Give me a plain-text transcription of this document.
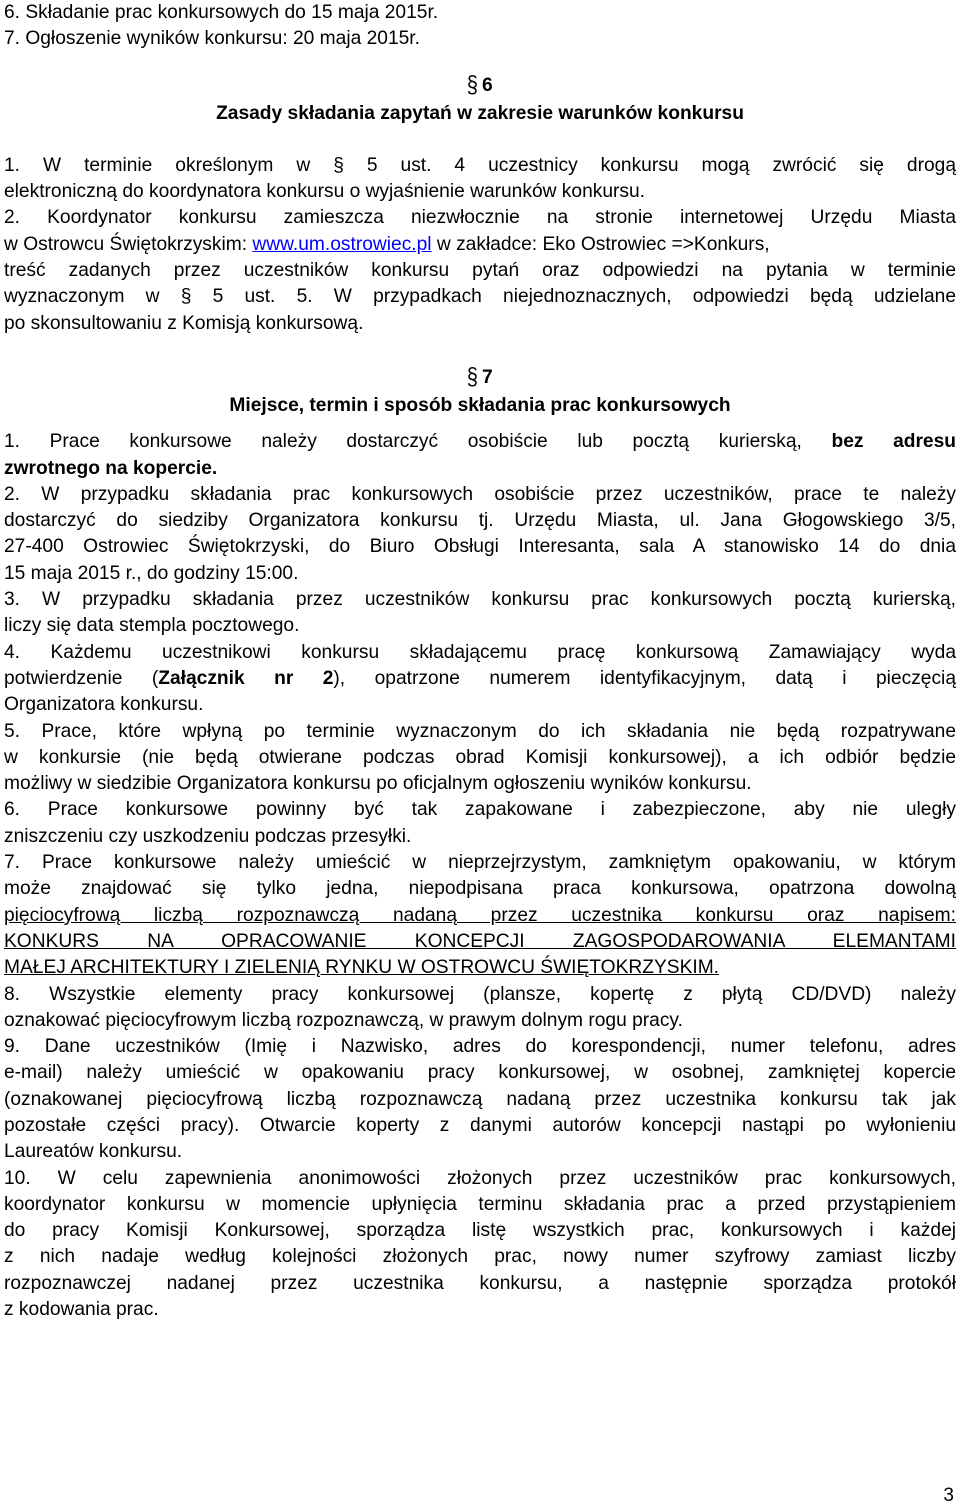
6. Składanie prac konkursowych do 15 maja 2015r.
7. Ogłoszenie wyników konkursu: 20 maja 2015r.
§ 6
Zasady składania zapytań w zakresie warunków konkursu
1. W terminie określonym w § 5 ust. 4 uczestnicy konkursu mogą zwrócić się drogą
elektroniczną do koordynatora konkursu o wyjaśnienie warunków konkursu.
2. Koordynator konkursu zamieszcza niezwłocznie na stronie internetowej Urzędu Miasta
w Ostrowcu Świętokrzyskim: www.um.ostrowiec.pl w zakładce: Eko Ostrowiec =>Konkurs,
treść zadanych przez uczestników konkursu pytań oraz odpowiedzi na pytania w terminie
wyznaczonym w § 5 ust. 5. W przypadkach niejednoznacznych, odpowiedzi będą udzielane
po skonsultowaniu z Komisją konkursową.
§ 7
Miejsce, termin i sposób składania prac konkursowych
1. Prace konkursowe należy dostarczyć osobiście lub pocztą kurierską, bez adresu
zwrotnego na kopercie.
2. W przypadku składania prac konkursowych osobiście przez uczestników, prace te należy
dostarczyć do siedziby Organizatora konkursu tj. Urzędu Miasta, ul. Jana Głogowskiego 3/5,
27-400 Ostrowiec Świętokrzyski, do Biuro Obsługi Interesanta, sala A stanowisko 14 do dnia
15 maja 2015 r., do godziny 15:00.
3. W przypadku składania przez uczestników konkursu prac konkursowych pocztą kurierską,
liczy się data stempla pocztowego.
4. Każdemu uczestnikowi konkursu składającemu pracę konkursową Zamawiający wyda
potwierdzenie (Załącznik nr 2), opatrzone numerem identyfikacyjnym, datą i pieczęcią
Organizatora konkursu.
5. Prace, które wpłyną po terminie wyznaczonym do ich składania nie będą rozpatrywane
w konkursie (nie będą otwierane podczas obrad Komisji konkursowej), a ich odbiór będzie
możliwy w siedzibie Organizatora konkursu po oficjalnym ogłoszeniu wyników konkursu.
6. Prace konkursowe powinny być tak zapakowane i zabezpieczone, aby nie uległy
zniszczeniu czy uszkodzeniu podczas przesyłki.
7. Prace konkursowe należy umieścić w nieprzejrzystym, zamkniętym opakowaniu, w którym
może znajdować się tylko jedna, niepodpisana praca konkursowa, opatrzona dowolną
pięciocyfrową liczbą rozpoznawczą nadaną przez uczestnika konkursu oraz napisem:
KONKURS NA OPRACOWANIE KONCEPCJI ZAGOSPODAROWANIA ELEMANTAMI
MAŁEJ ARCHITEKTURY I ZIELENIĄ RYNKU W OSTROWCU ŚWIĘTOKRZYSKIM.
8. Wszystkie elementy pracy konkursowej (plansze, kopertę z płytą CD/DVD) należy
oznakować pięciocyfrowym liczbą rozpoznawczą, w prawym dolnym rogu pracy.
9. Dane uczestników (Imię i Nazwisko, adres do korespondencji, numer telefonu, adres
e-mail) należy umieścić w opakowaniu pracy konkursowej, w osobnej, zamkniętej kopercie
(oznakowanej pięciocyfrową liczbą rozpoznawczą nadaną przez uczestnika konkursu tak jak
pozostałe części pracy). Otwarcie koperty z danymi autorów koncepcji nastąpi po wyłonieniu
Laureatów konkursu.
10. W celu zapewnienia anonimowości złożonych przez uczestników prac konkursowych,
koordynator konkursu w momencie upłynięcia terminu składania prac a przed przystąpieniem
do pracy Komisji Konkursowej, sporządza listę wszystkich prac, konkursowych i każdej
z nich nadaje według kolejności złożonych prac, nowy numer szyfrowy zamiast liczby
rozpoznawczej nadanej przez uczestnika konkursu, a następnie sporządza protokół
z kodowania prac.
3
